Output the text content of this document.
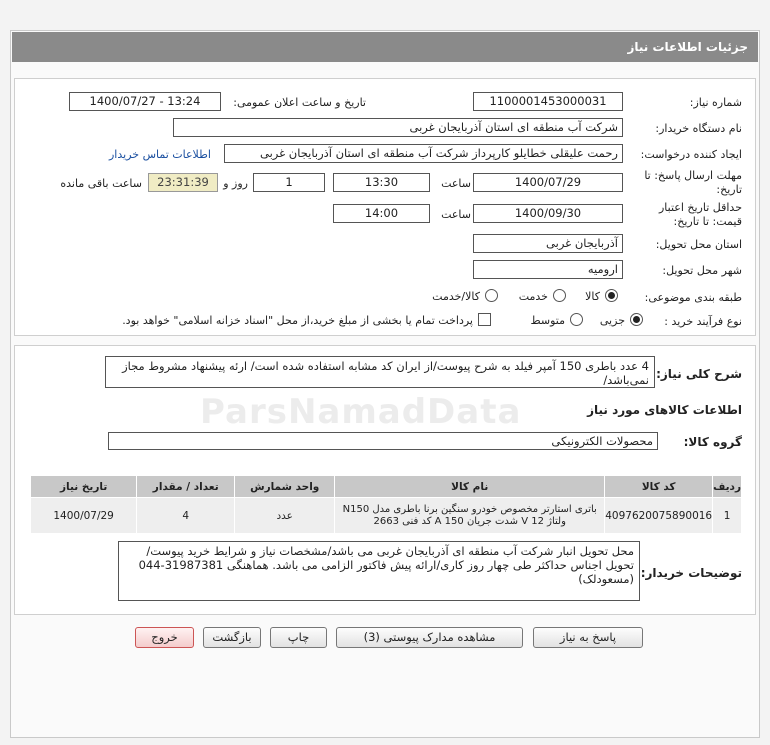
جزئیات اطلاعات نیاز
شماره نیاز:
1100001453000031
تاریخ و ساعت اعلان عمومی:
1400/07/27 - 13:24
نام دستگاه خریدار:
شرکت آب منطقه ای استان آذربایجان غربی
ایجاد کننده درخواست:
رحمت علیقلی خطایلو کارپرداز شرکت آب منطقه ای استان آذربایجان غربی
اطلاعات تماس خریدار
مهلت ارسال پاسخ: تا
تاریخ:
1400/07/29
ساعت
13:30
1
روز و
23:31:39
ساعت باقی مانده
حداقل تاریخ اعتبار
قیمت: تا تاریخ:
1400/09/30
ساعت
14:00
استان محل تحویل:
آذربایجان غربی
شهر محل تحویل:
ارومیه
طبقه بندی موضوعی:
کالا
خدمت
کالا/خدمت
نوع فرآیند خرید :
جزیی
متوسط
پرداخت تمام یا بخشی از مبلغ خرید،از محل "اسناد خزانه اسلامی" خواهد بود.
ParsNamadData
شرح کلی نیاز:
4 عدد باطری 150 آمپر فیلد به شرح پیوست/از ایران کد مشابه استفاده شده است/ ارئه پیشنهاد مشروط مجاز نمی‌باشد/
اطلاعات کالاهای مورد نیاز
گروه کالا:
محصولات الکترونیکی
ردیف	کد کالا	نام کالا	واحد شمارش	تعداد / مقدار	تاریخ نیاز
1	4097620075890016	باتری استارتر مخصوص خودرو سنگین برنا باطری مدل N150 ولتاژ 12 V شدت جریان 150 A کد فنی 2663	عدد	4	1400/07/29
توضیحات خریدار:
محل تحویل انبار شرکت آب منطقه ای آذربایجان غربی می باشد/مشخصات نیاز و شرایط خرید پیوست/تحویل اجناس حداکثر طی چهار روز کاری/ارائه پیش فاکتور الزامی می باشد. هماهنگی 31987381-044 (مسعودلک)
پاسخ به نیاز
مشاهده مدارک پیوستی (3)
چاپ
بازگشت
خروج
